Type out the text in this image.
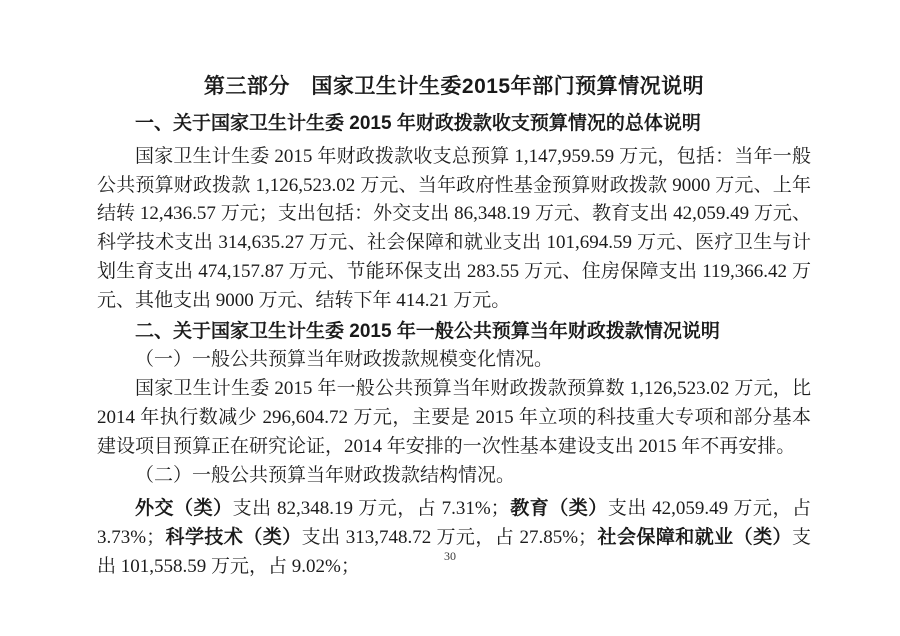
第三部分　国家卫生计生委2015年部门预算情况说明
一、关于国家卫生计生委 2015 年财政拨款收支预算情况的总体说明

国家卫生计生委 2015 年财政拨款收支总预算 1,147,959.59 万元，包括：当年一般公共预算财政拨款 1,126,523.02 万元、当年政府性基金预算财政拨款 9000 万元、上年结转 12,436.57 万元；支出包括：外交支出 86,348.19 万元、教育支出 42,059.49 万元、科学技术支出 314,635.27 万元、社会保障和就业支出 101,694.59 万元、医疗卫生与计划生育支出 474,157.87 万元、节能环保支出 283.55 万元、住房保障支出 119,366.42 万元、其他支出 9000 万元、结转下年 414.21 万元。

二、关于国家卫生计生委 2015 年一般公共预算当年财政拨款情况说明

（一）一般公共预算当年财政拨款规模变化情况。

国家卫生计生委 2015 年一般公共预算当年财政拨款预算数 1,126,523.02 万元，比 2014 年执行数减少 296,604.72 万元，主要是 2015 年立项的科技重大专项和部分基本建设项目预算正在研究论证，2014 年安排的一次性基本建设支出 2015 年不再安排。

（二）一般公共预算当年财政拨款结构情况。

外交（类）支出 82,348.19 万元，占 7.31%；教育（类）支出 42,059.49 万元，占 3.73%；科学技术（类）支出 313,748.72 万元，占 27.85%；社会保障和就业（类）支出 101,558.59 万元，占 9.02%；	30
